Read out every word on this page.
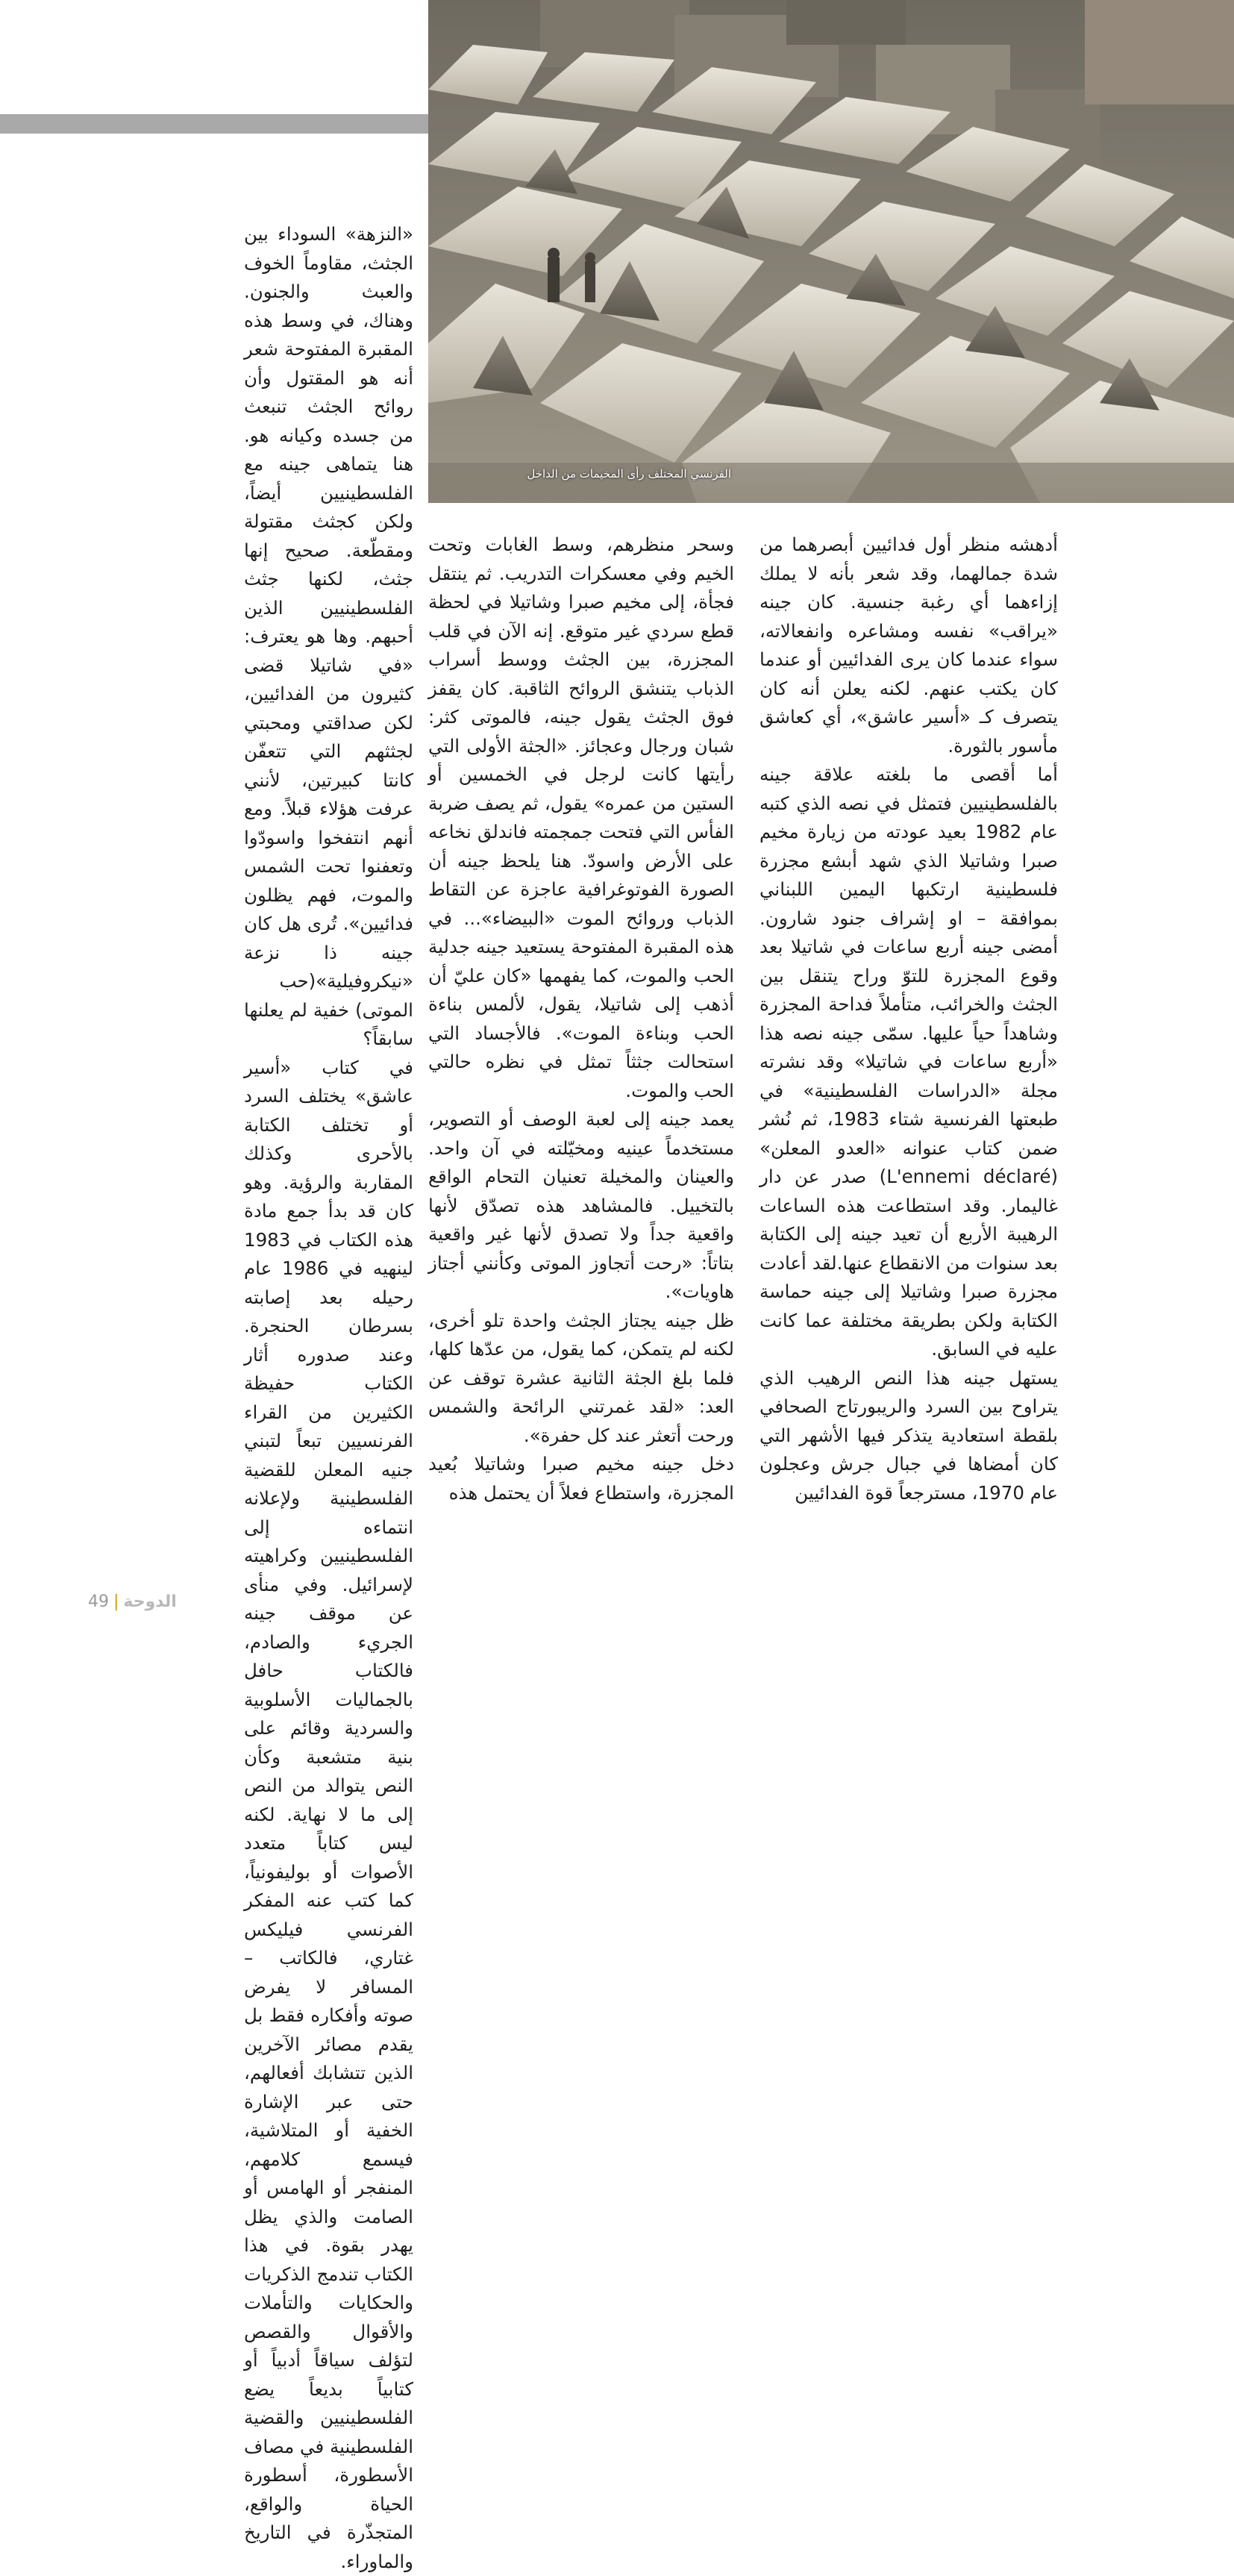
الفرنسي المختلف رأى المخيمات من الداخل

«النزهة» السوداء بين الجثث، مقاوماً الخوف والعبث والجنون. وهناك، في وسط هذه المقبرة المفتوحة شعر أنه هو المقتول وأن روائح الجثث تنبعث من جسده وكيانه هو. هنا يتماهى جينه مع الفلسطينيين أيضاً، ولكن كجثث مقتولة ومقطّعة. صحيح إنها جثث، لكنها جثث الفلسطينيين الذين أحبهم. وها هو يعترف: «في شاتيلا قضى كثيرون من الفدائيين، لكن صداقتي ومحبتي لجثثهم التي تتعفّن كانتا كبيرتين، لأنني عرفت هؤلاء قبلاً. ومع أنهم انتفخوا واسودّوا وتعفنوا تحت الشمس والموت، فهم يظلون فدائيين». تُرى هل كان جينه ذا نزعة «نيكروفيلية»(حب الموتى) خفية لم يعلنها سابقاً؟

في كتاب «أسير عاشق» يختلف السرد أو تختلف الكتابة بالأحرى وكذلك المقاربة والرؤية. وهو كان قد بدأ جمع مادة هذه الكتاب في 1983 لينهيه في 1986 عام رحيله بعد إصابته بسرطان الحنجرة. وعند صدوره أثار الكتاب حفيظة الكثيرين من القراء الفرنسيين تبعاً لتبني جنيه المعلن للقضية الفلسطينية ولإعلانه انتماءه إلى الفلسطينيين وكراهيته لإسرائيل. وفي منأى عن موقف جينه الجريء والصادم، فالكتاب حافل بالجماليات الأسلوبية والسردية وقائم على بنية متشعبة وكأن النص يتوالد من النص إلى ما لا نهاية. لكنه ليس كتاباً متعدد الأصوات أو بوليفونياً، كما كتب عنه المفكر الفرنسي فيليكس غتاري، فالكاتب – المسافر لا يفرض صوته وأفكاره فقط بل يقدم مصائر الآخرين الذين تتشابك أفعالهم، حتى عبر الإشارة الخفية أو المتلاشية، فيسمع كلامهم، المنفجر أو الهامس أو الصامت والذي يظل يهدر بقوة. في هذا الكتاب تندمج الذكريات والحكايات والتأملات والأقوال والقصص لتؤلف سياقاً أدبياً أو كتابياً بديعاً يضع الفلسطينيين والقضية الفلسطينية في مصاف الأسطورة، أسطورة الحياة والواقع، المتجذّرة في التاريخ والماوراء.

وسحر منظرهم، وسط الغابات وتحت الخيم وفي معسكرات التدريب. ثم ينتقل فجأة، إلى مخيم صبرا وشاتيلا في لحظة قطع سردي غير متوقع. إنه الآن في قلب المجزرة، بين الجثث ووسط أسراب الذباب يتنشق الروائح الثاقبة. كان يقفز فوق الجثث يقول جينه، فالموتى كثر: شبان ورجال وعجائز. «الجثة الأولى التي رأيتها كانت لرجل في الخمسين أو الستين من عمره» يقول، ثم يصف ضربة الفأس التي فتحت جمجمته فاندلق نخاعه على الأرض واسودّ. هنا يلحظ جينه أن الصورة الفوتوغرافية عاجزة عن التقاط الذباب وروائح الموت «البيضاء»... في هذه المقبرة المفتوحة يستعيد جينه جدلية الحب والموت، كما يفهمها «كان عليّ أن أذهب إلى شاتيلا، يقول، لألمس بناءة الحب وبناءة الموت». فالأجساد التي استحالت جثثاً تمثل في نظره حالتي الحب والموت.

يعمد جينه إلى لعبة الوصف أو التصوير، مستخدماً عينيه ومخيّلته في آن واحد. والعينان والمخيلة تعنيان التحام الواقع بالتخييل. فالمشاهد هذه تصدّق لأنها واقعية جداً ولا تصدق لأنها غير واقعية بتاتاً: «رحت أتجاوز الموتى وكأنني أجتاز هاويات».

ظل جينه يجتاز الجثث واحدة تلو أخرى، لكنه لم يتمكن، كما يقول، من عدّها كلها، فلما بلغ الجثة الثانية عشرة توقف عن العد: «لقد غمرتني الرائحة والشمس ورحت أتعثر عند كل حفرة».

دخل جينه مخيم صبرا وشاتيلا بُعيد المجزرة، واستطاع فعلاً أن يحتمل هذه

أدهشه منظر أول فدائيين أبصرهما من شدة جمالهما، وقد شعر بأنه لا يملك إزاءهما أي رغبة جنسية. كان جينه «يراقب» نفسه ومشاعره وانفعالاته، سواء عندما كان يرى الفدائيين أو عندما كان يكتب عنهم. لكنه يعلن أنه كان يتصرف كـ «أسير عاشق»، أي كعاشق مأسور بالثورة.

أما أقصى ما بلغته علاقة جينه بالفلسطينيين فتمثل في نصه الذي كتبه عام 1982 بعيد عودته من زيارة مخيم صبرا وشاتيلا الذي شهد أبشع مجزرة فلسطينية ارتكبها اليمين اللبناني بموافقة – او إشراف جنود شارون. أمضى جينه أربع ساعات في شاتيلا بعد وقوع المجزرة للتوّ وراح يتنقل بين الجثث والخرائب، متأملاً فداحة المجزرة وشاهداً حياً عليها. سمّى جينه نصه هذا «أربع ساعات في شاتيلا» وقد نشرته مجلة «الدراسات الفلسطينية» في طبعتها الفرنسية شتاء 1983، ثم نُشر ضمن كتاب عنوانه «العدو المعلن» (L'ennemi déclaré) صدر عن دار غاليمار. وقد استطاعت هذه الساعات الرهيبة الأربع أن تعيد جينه إلى الكتابة بعد سنوات من الانقطاع عنها.لقد أعادت مجزرة صبرا وشاتيلا إلى جينه حماسة الكتابة ولكن بطريقة مختلفة عما كانت عليه في السابق.

يستهل جينه هذا النص الرهيب الذي يتراوح بين السرد والريبورتاج الصحافي بلقطة استعادية يتذكر فيها الأشهر التي كان أمضاها في جبال جرش وعجلون عام 1970، مسترجعاً قوة الفدائيين

49 | الدوحة
